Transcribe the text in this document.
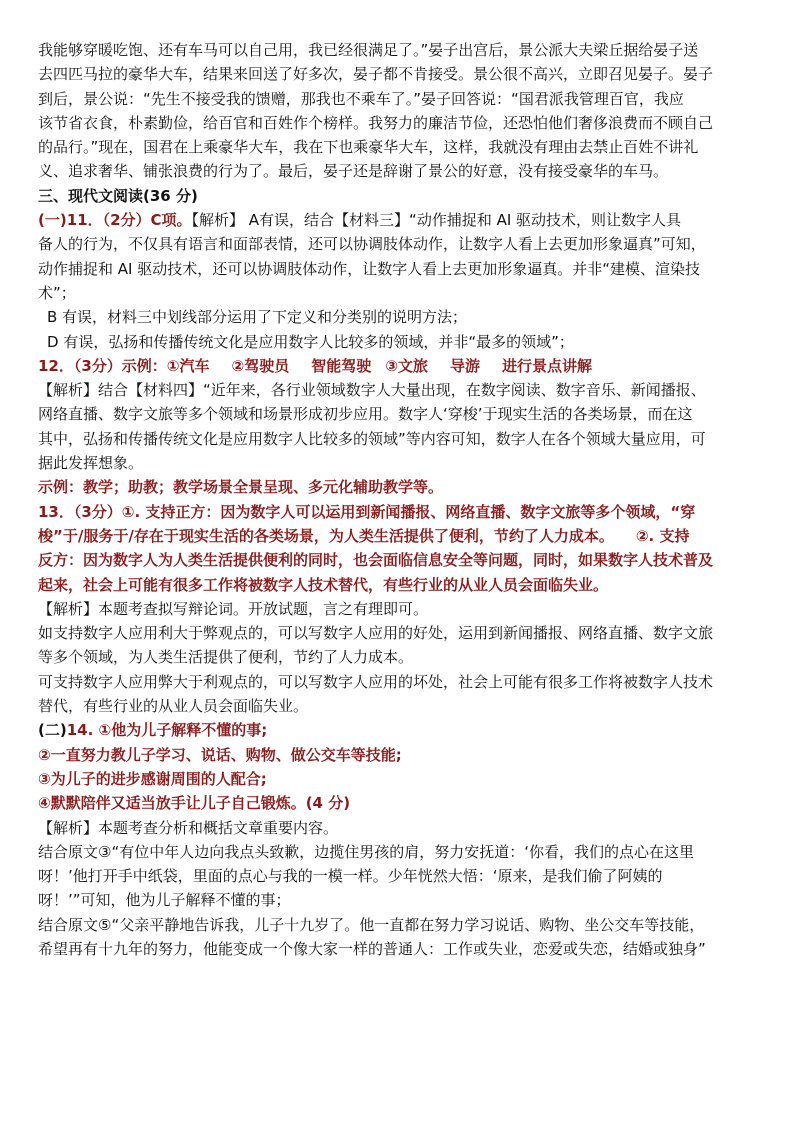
我能够穿暖吃饱、还有车马可以自己用，我已经很满足了。”晏子出宫后，景公派大夫梁丘据给晏子送

去四匹马拉的豪华大车，结果来回送了好多次，晏子都不肯接受。景公很不高兴，立即召见晏子。晏子

到后，景公说：“先生不接受我的馈赠，那我也不乘车了。”晏子回答说：“国君派我管理百官，我应

该节省衣食，朴素勤俭，给百官和百姓作个榜样。我努力的廉洁节俭，还恐怕他们奢侈浪费而不顾自己

的品行。”现在，国君在上乘豪华大车，我在下也乘豪华大车，这样，我就没有理由去禁止百姓不讲礼

义、追求奢华、铺张浪费的行为了。最后，晏子还是辞谢了景公的好意，没有接受豪华的车马。

三、现代文阅读(36 分)

(一)11．（2分）C项。【解析】 A有误，结合【材料三】“动作捕捉和 AI 驱动技术，则让数字人具

备人的行为，不仅具有语言和面部表情，还可以协调肢体动作，让数字人看上去更加形象逼真”可知，

动作捕捉和 AI 驱动技术，还可以协调肢体动作，让数字人看上去更加形象逼真。并非“建模、渲染技

术”；

B 有误，材料三中划线部分运用了下定义和分类别的说明方法；

D 有误，弘扬和传播传统文化是应用数字人比较多的领域，并非“最多的领域”；

12．（3分）示例：①汽车 ②驾驶员 智能驾驶 ③文旅 导游 进行景点讲解

【解析】结合【材料四】“近年来，各行业领域数字人大量出现，在数字阅读、数字音乐、新闻播报、

网络直播、数字文旅等多个领域和场景形成初步应用。数字人‘穿梭’于现实生活的各类场景，而在这

其中，弘扬和传播传统文化是应用数字人比较多的领域”等内容可知，数字人在各个领域大量应用，可

据此发挥想象。

示例：教学；助教；教学场景全景呈现、多元化辅助教学等。

13．（3分）①. 支持正方：因为数字人可以运用到新闻播报、网络直播、数字文旅等多个领域，“穿

梭”于/服务于/存在于现实生活的各类场景，为人类生活提供了便利，节约了人力成本。 ②. 支持

反方：因为数字人为人类生活提供便利的同时，也会面临信息安全等问题，同时，如果数字人技术普及

起来，社会上可能有很多工作将被数字人技术替代，有些行业的从业人员会面临失业。

【解析】本题考查拟写辩论词。开放试题，言之有理即可。

如支持数字人应用利大于弊观点的，可以写数字人应用的好处，运用到新闻播报、网络直播、数字文旅

等多个领域，为人类生活提供了便利，节约了人力成本。

可支持数字人应用弊大于利观点的，可以写数字人应用的坏处，社会上可能有很多工作将被数字人技术

替代，有些行业的从业人员会面临失业。

(二)14. ①他为儿子解释不懂的事;

②一直努力教儿子学习、说话、购物、做公交车等技能;

③为儿子的进步感谢周围的人配合;

④默默陪伴又适当放手让儿子自己锻炼。(4 分)

【解析】本题考查分析和概括文章重要内容。

结合原文③“有位中年人边向我点头致歉，边揽住男孩的肩，努力安抚道：‘你看，我们的点心在这里

呀！’他打开手中纸袋，里面的点心与我的一模一样。少年恍然大悟：‘原来，是我们偷了阿姨的

呀！’”可知，他为儿子解释不懂的事；

结合原文⑤“父亲平静地告诉我，儿子十九岁了。他一直都在努力学习说话、购物、坐公交车等技能，

希望再有十九年的努力，他能变成一个像大家一样的普通人：工作或失业，恋爱或失恋，结婚或独身”
